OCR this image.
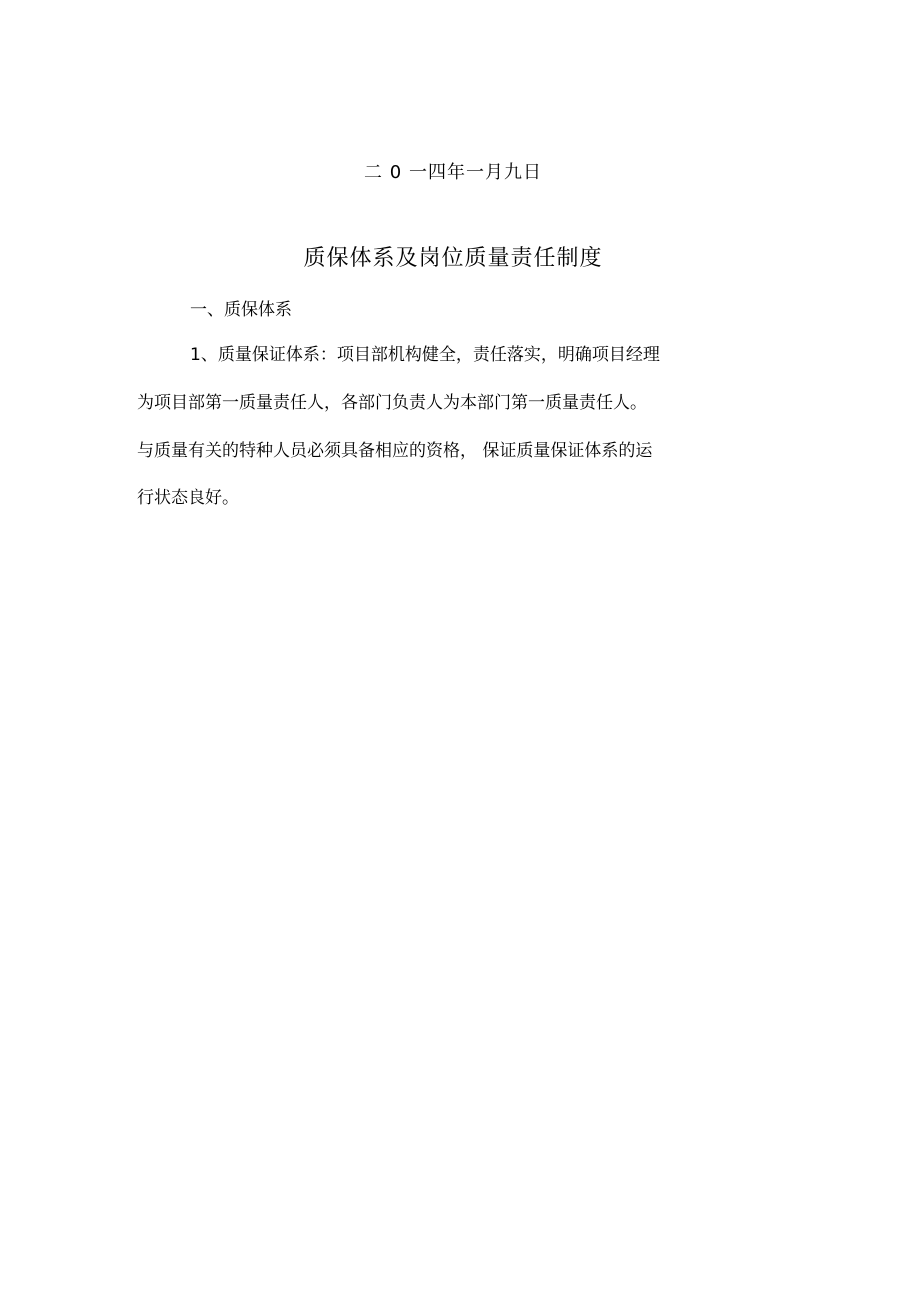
二 0 一四年一月九日
质保体系及岗位质量责任制度
一、质保体系
1、质量保证体系：项目部机构健全，责任落实，明确项目经理
为项目部第一质量责任人，各部门负责人为本部门第一质量责任人。
与质量有关的特种人员必须具备相应的资格， 保证质量保证体系的运
行状态良好。
